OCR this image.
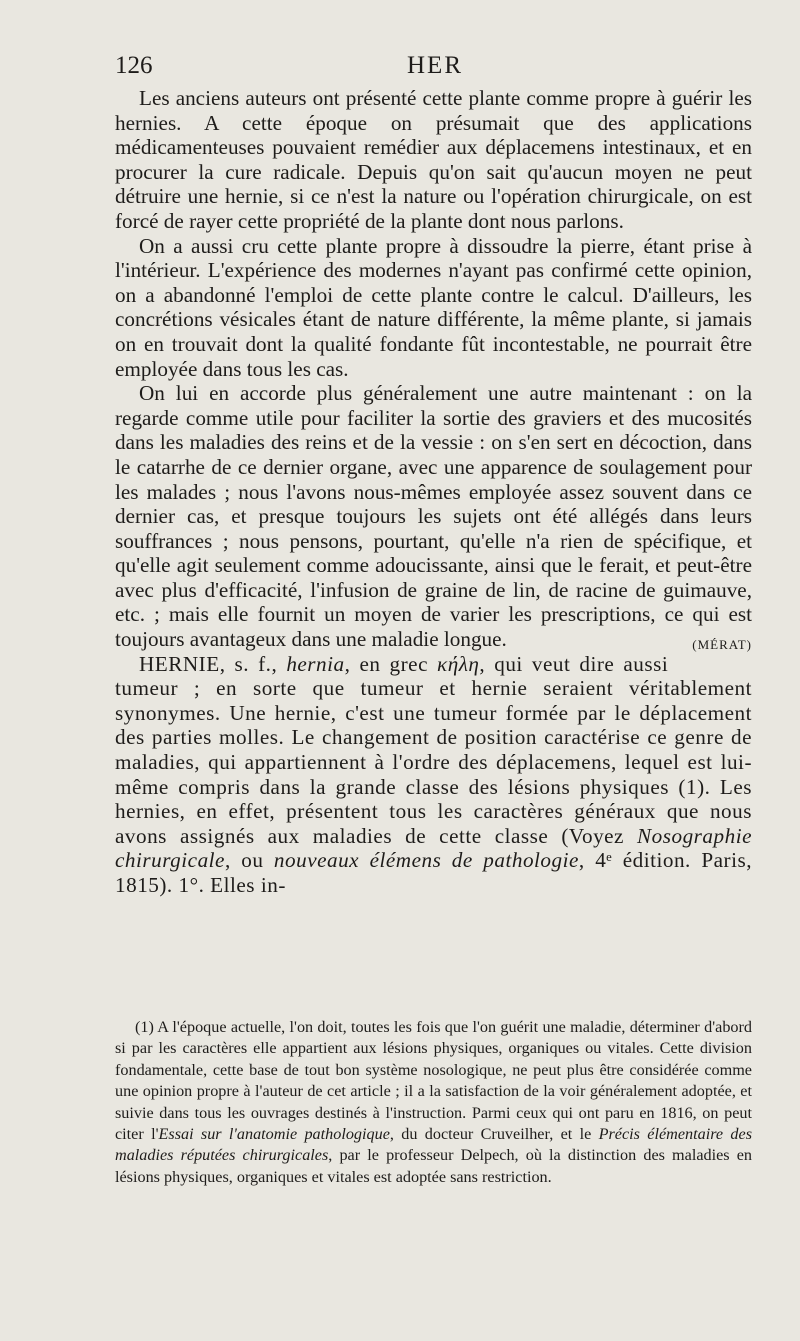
126	HER

Les anciens auteurs ont présenté cette plante comme propre à guérir les hernies. A cette époque on présumait que des applications médicamenteuses pouvaient remédier aux déplacemens intestinaux, et en procurer la cure radicale. Depuis qu'on sait qu'aucun moyen ne peut détruire une hernie, si ce n'est la nature ou l'opération chirurgicale, on est forcé de rayer cette propriété de la plante dont nous parlons.

On a aussi cru cette plante propre à dissoudre la pierre, étant prise à l'intérieur. L'expérience des modernes n'ayant pas confirmé cette opinion, on a abandonné l'emploi de cette plante contre le calcul. D'ailleurs, les concrétions vésicales étant de nature différente, la même plante, si jamais on en trouvait dont la qualité fondante fût incontestable, ne pourrait être employée dans tous les cas.

On lui en accorde plus généralement une autre maintenant : on la regarde comme utile pour faciliter la sortie des graviers et des mucosités dans les maladies des reins et de la vessie : on s'en sert en décoction, dans le catarrhe de ce dernier organe, avec une apparence de soulagement pour les malades ; nous l'avons nous-mêmes employée assez souvent dans ce dernier cas, et presque toujours les sujets ont été allégés dans leurs souffrances ; nous pensons, pourtant, qu'elle n'a rien de spécifique, et qu'elle agit seulement comme adoucissante, ainsi que le ferait, et peut-être avec plus d'efficacité, l'infusion de graine de lin, de racine de guimauve, etc. ; mais elle fournit un moyen de varier les prescriptions, ce qui est toujours avantageux dans une maladie longue.	(MÉRAT)

HERNIE, s. f., hernia, en grec κήλη, qui veut dire aussi tumeur ; en sorte que tumeur et hernie seraient véritablement synonymes. Une hernie, c'est une tumeur formée par le déplacement des parties molles. Le changement de position caractérise ce genre de maladies, qui appartiennent à l'ordre des déplacemens, lequel est lui-même compris dans la grande classe des lésions physiques (1). Les hernies, en effet, présentent tous les caractères généraux que nous avons assignés aux maladies de cette classe (Voyez Nosographie chirurgicale, ou nouveaux élémens de pathologie, 4ᵉ édition. Paris, 1815). 1°. Elles in-

(1) A l'époque actuelle, l'on doit, toutes les fois que l'on guérit une maladie, déterminer d'abord si par les caractères elle appartient aux lésions physiques, organiques ou vitales. Cette division fondamentale, cette base de tout bon système nosologique, ne peut plus être considérée comme une opinion propre à l'auteur de cet article ; il a la satisfaction de la voir généralement adoptée, et suivie dans tous les ouvrages destinés à l'instruction. Parmi ceux qui ont paru en 1816, on peut citer l'Essai sur l'anatomie pathologique, du docteur Cruveilher, et le Précis élémentaire des maladies réputées chirurgicales, par le professeur Delpech, où la distinction des maladies en lésions physiques, organiques et vitales est adoptée sans restriction.
